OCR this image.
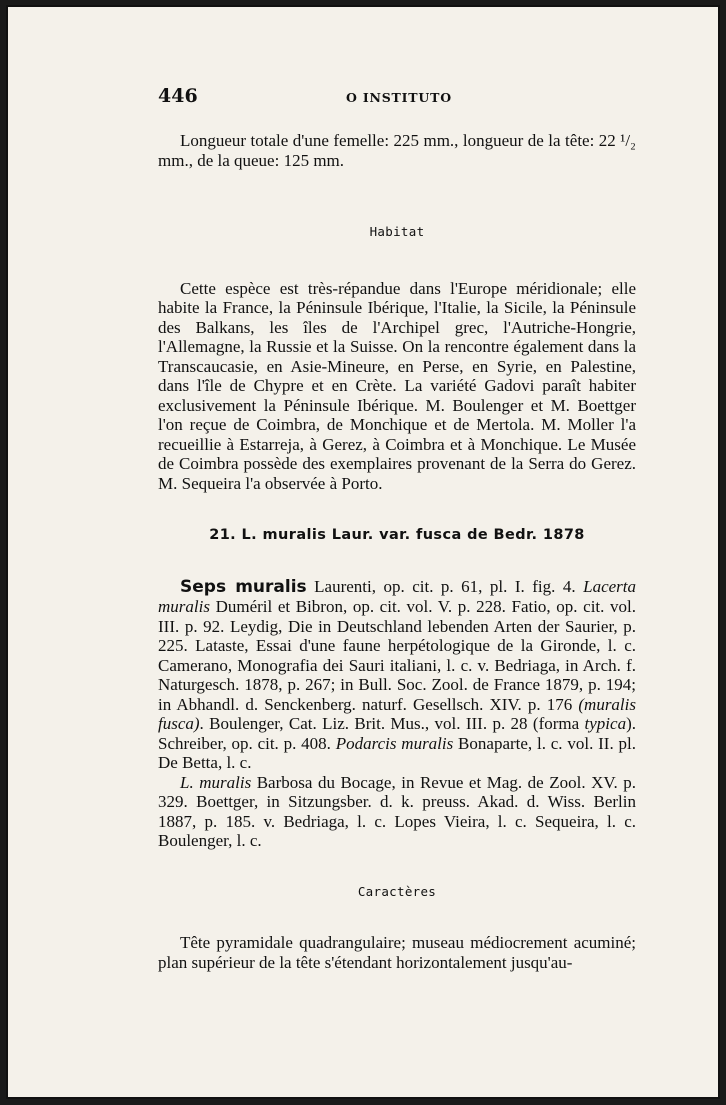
446	O INSTITUTO

Longueur totale d'une femelle: 225 mm., longueur de la tête: 22 ¹/₂ mm., de la queue: 125 mm.

Habitat

Cette espèce est très-répandue dans l'Europe méridionale; elle habite la France, la Péninsule Ibérique, l'Italie, la Sicile, la Péninsule des Balkans, les îles de l'Archipel grec, l'Autriche-Hongrie, l'Allemagne, la Russie et la Suisse. On la rencontre également dans la Transcaucasie, en Asie-Mineure, en Perse, en Syrie, en Palestine, dans l'île de Chypre et en Crète. La variété Gadovi paraît habiter exclusivement la Péninsule Ibérique. M. Boulenger et M. Boettger l'on reçue de Coimbra, de Monchique et de Mertola. M. Moller l'a recueillie à Estarreja, à Gerez, à Coimbra et à Monchique. Le Musée de Coimbra possède des exemplaires provenant de la Serra do Gerez. M. Sequeira l'a observée à Porto.

21. L. muralis Laur. var. fusca de Bedr. 1878

Seps muralis Laurenti, op. cit. p. 61, pl. I. fig. 4. Lacerta muralis Duméril et Bibron, op. cit. vol. V. p. 228. Fatio, op. cit. vol. III. p. 92. Leydig, Die in Deutschland lebenden Arten der Saurier, p. 225. Lataste, Essai d'une faune herpétologique de la Gironde, l. c. Camerano, Monografia dei Sauri italiani, l. c. v. Bedriaga, in Arch. f. Naturgesch. 1878, p. 267; in Bull. Soc. Zool. de France 1879, p. 194; in Abhandl. d. Senckenberg. naturf. Gesellsch. XIV. p. 176 (muralis fusca). Boulenger, Cat. Liz. Brit. Mus., vol. III. p. 28 (forma typica). Schreiber, op. cit. p. 408. Podarcis muralis Bonaparte, l. c. vol. II. pl. De Betta, l. c.

L. muralis Barbosa du Bocage, in Revue et Mag. de Zool. XV. p. 329. Boettger, in Sitzungsber. d. k. preuss. Akad. d. Wiss. Berlin 1887, p. 185. v. Bedriaga, l. c. Lopes Vieira, l. c. Sequeira, l. c. Boulenger, l. c.

Caractères

Tête pyramidale quadrangulaire; museau médiocrement acuminé; plan supérieur de la tête s'étendant horizontalement jusqu'au-
